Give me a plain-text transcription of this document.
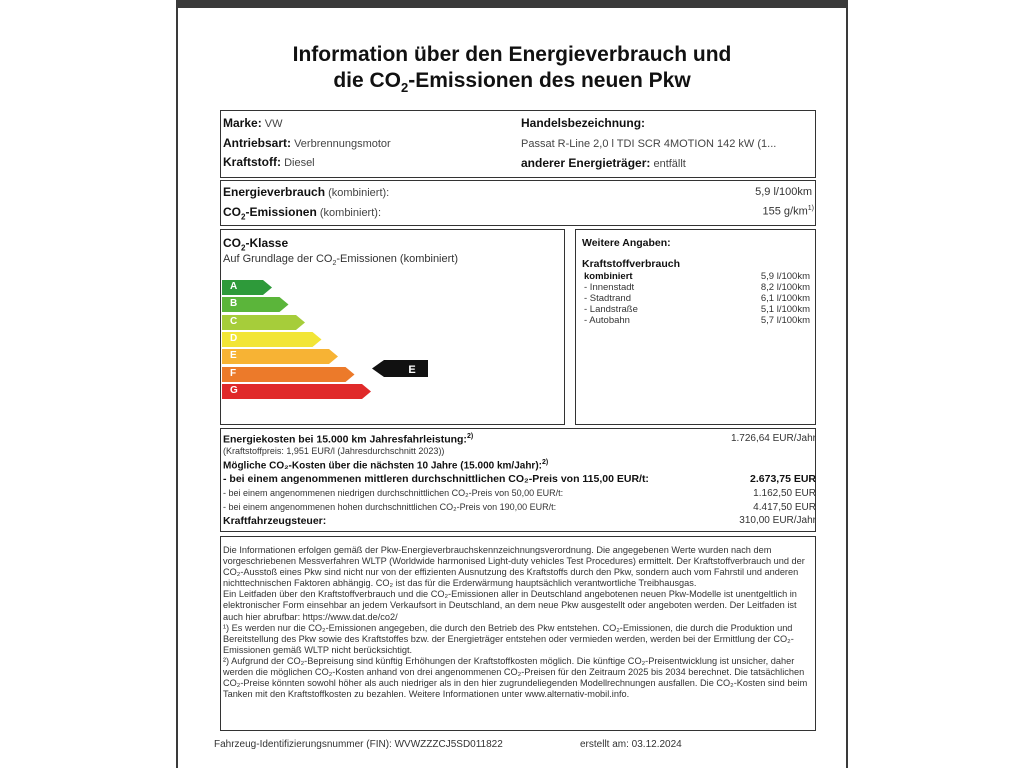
Information über den Energieverbrauch und
die $CO_2$-Emissionen des neuen Pkw
Marke: VW
Antriebsart: Verbrennungsmotor
Kraftstoff: Diesel
Handelsbezeichnung:
Passat R-Line 2,0 l TDI SCR 4MOTION 142 kW (1...
anderer Energieträger: entfällt
Energieverbrauch (kombiniert):	5,9 l/100km
$CO_2$-Emissionen (kombiniert):	155 $g/km^{1)}$
$CO_2$-Klasse
Auf Grundlage der $CO_2$-Emissionen (kombiniert)
A
B
C
D
E
F
G
E
Weitere Angaben:
Kraftstoffverbrauch
kombiniert	5,9 l/100km
- Innenstadt	8,2 l/100km
- Stadtrand	6,1 l/100km
- Landstraße	5,1 l/100km
- Autobahn	5,7 l/100km
Energiekosten bei 15.000 km Jahresfahrleistung:$^{2)}$	1.726,64 EUR/Jahr
(Kraftstoffpreis: 1,951 EUR/l (Jahresdurchschnitt 2023))
Mögliche CO₂-Kosten über die nächsten 10 Jahre (15.000 km/Jahr):$^{2)}$
- bei einem angenommenen mittleren durchschnittlichen CO₂-Preis von 115,00 EUR/t:	2.673,75 EUR
- bei einem angenommenen niedrigen durchschnittlichen CO₂-Preis von 50,00 EUR/t:	1.162,50 EUR
- bei einem angenommenen hohen durchschnittlichen CO₂-Preis von 190,00 EUR/t:	4.417,50 EUR
Kraftfahrzeugsteuer:	310,00 EUR/Jahr

Die Informationen erfolgen gemäß der Pkw-Energieverbrauchskennzeichnungsverordnung. Die angegebenen Werte wurden nach dem vorgeschriebenen Messverfahren WLTP (Worldwide harmonised Light-duty vehicles Test Procedures) ermittelt. Der Kraftstoffverbrauch und der CO₂-Ausstoß eines Pkw sind nicht nur von der effizienten Ausnutzung des Kraftstoffs durch den Pkw, sondern auch vom Fahrstil und anderen nichttechnischen Faktoren abhängig. CO₂ ist das für die Erderwärmung hauptsächlich verantwortliche Treibhausgas.

Ein Leitfaden über den Kraftstoffverbrauch und die CO₂-Emissionen aller in Deutschland angebotenen neuen Pkw-Modelle ist unentgeltlich in elektronischer Form einsehbar an jedem Verkaufsort in Deutschland, an dem neue Pkw ausgestellt oder angeboten werden. Der Leitfaden ist auch hier abrufbar: https://www.dat.de/co2/

¹) Es werden nur die CO₂-Emissionen angegeben, die durch den Betrieb des Pkw entstehen. CO₂-Emissionen, die durch die Produktion und Bereitstellung des Pkw sowie des Kraftstoffes bzw. der Energieträger entstehen oder vermieden werden, werden bei der Ermittlung der CO₂-Emissionen gemäß WLTP nicht berücksichtigt.

²) Aufgrund der CO₂-Bepreisung sind künftig Erhöhungen der Kraftstoffkosten möglich. Die künftige CO₂-Preisentwicklung ist unsicher, daher werden die möglichen CO₂-Kosten anhand von drei angenommenen CO₂-Preisen für den Zeitraum 2025 bis 2034 berechnet. Die tatsächlichen CO₂-Preise könnten sowohl höher als auch niedriger als in den hier zugrundeliegenden Modellrechnungen ausfallen. Die CO₂-Kosten sind beim Tanken mit den Kraftstoffkosten zu bezahlen. Weitere Informationen unter www.alternativ-mobil.info.

Fahrzeug-Identifizierungsnummer (FIN): WVWZZZCJ5SD011822	erstellt am: 03.12.2024
